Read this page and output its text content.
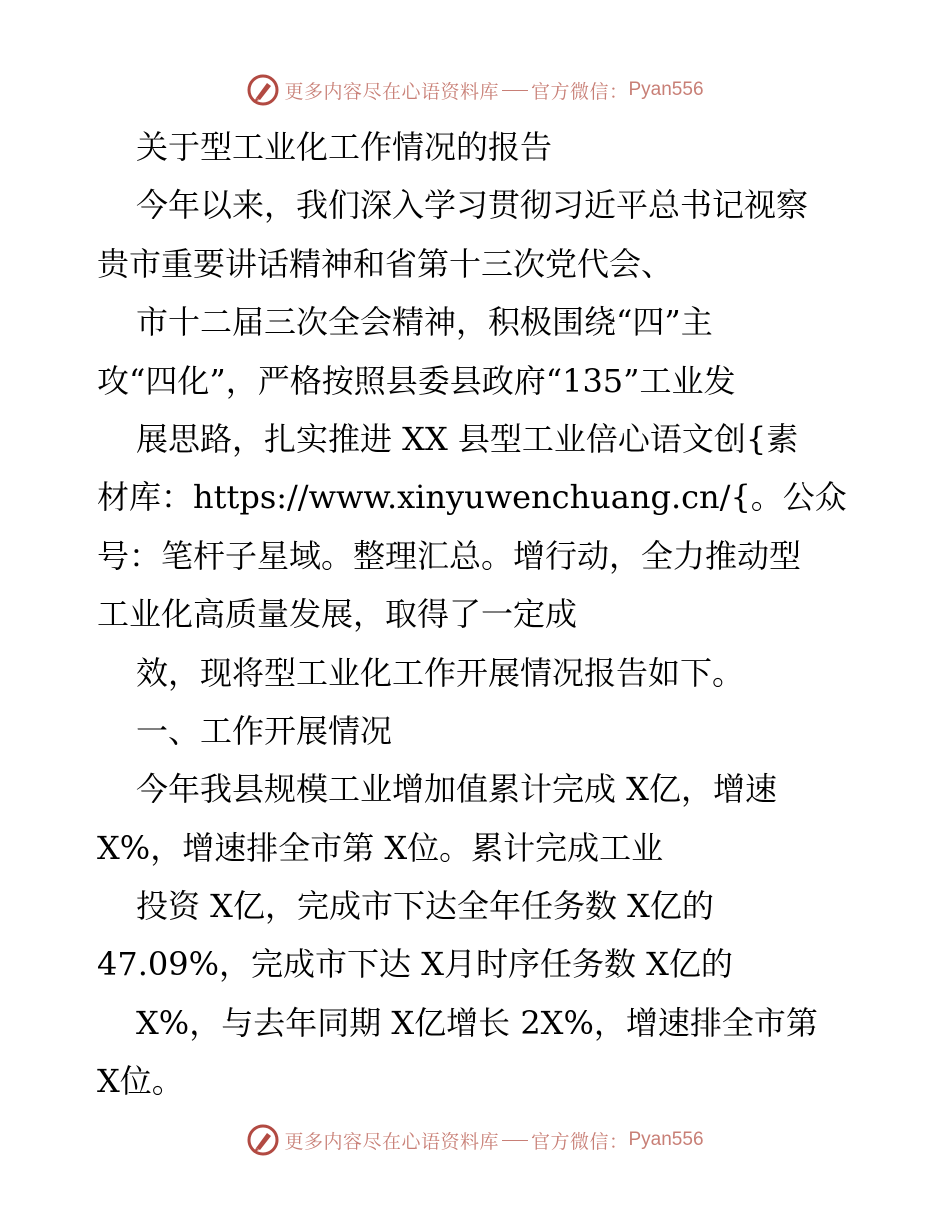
更多内容尽在心语资料库 官方微信： Pyan556
关于型工业化工作情况的报告
今年以来，我们深入学习贯彻习近平总书记视察
贵市重要讲话精神和省第十三次党代会、
市十二届三次全会精神，积极围绕“四”主
攻“四化”，严格按照县委县政府“135”工业发
展思路，扎实推进 XX 县型工业倍心语文创{素
材库：https://www.xinyuwenchuang.cn/{。公众
号：笔杆子星域。整理汇总。增行动，全力推动型
工业化高质量发展，取得了一定成
效，现将型工业化工作开展情况报告如下。
一、工作开展情况
今年我县规模工业增加值累计完成 X亿，增速
X%，增速排全市第 X位。累计完成工业
投资 X亿，完成市下达全年任务数 X亿的
47.09%，完成市下达 X月时序任务数 X亿的
X%，与去年同期 X亿增长 2X%，增速排全市第
X位。
更多内容尽在心语资料库 官方微信： Pyan556
